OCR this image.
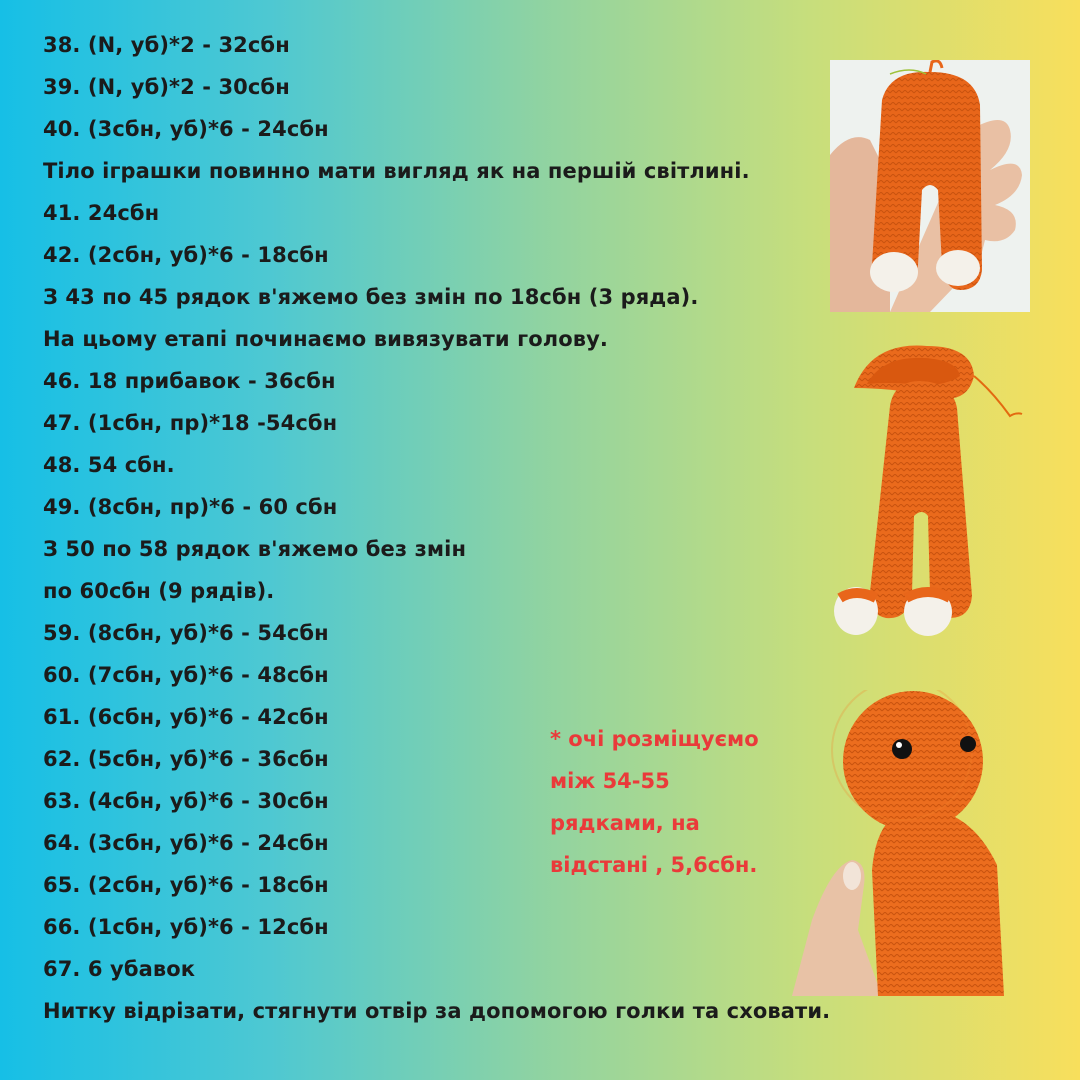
38. (N, уб)*2 - 32сбн
39. (N, уб)*2 - 30сбн
40. (3сбн, уб)*6 - 24сбн
Тіло іграшки повинно мати вигляд як на першій світлині.
41. 24сбн
42. (2сбн, уб)*6 - 18сбн
З 43 по 45 рядок в'яжемо без змін по 18сбн (3 ряда).
На цьому етапі починаємо вивязувати голову.
46. 18 прибавок - 36сбн
47. (1сбн, пр)*18 -54сбн
48. 54 сбн.
49. (8сбн, пр)*6 - 60 сбн
З 50 по 58 рядок в'яжемо без змін
по 60сбн (9 рядів).
59. (8сбн, уб)*6 - 54сбн
60. (7сбн, уб)*6 - 48сбн
61. (6сбн, уб)*6 - 42сбн
62. (5сбн, уб)*6 - 36сбн
63. (4сбн, уб)*6 - 30сбн
64. (3сбн, уб)*6 - 24сбн
65. (2сбн, уб)*6 - 18сбн
66. (1сбн, уб)*6 - 12сбн
67. 6 убавок
Нитку відрізати, стягнути отвір за допомогою голки та сховати.
* очі розміщуємо
між 54-55
рядками, на
відстані , 5,6сбн.
